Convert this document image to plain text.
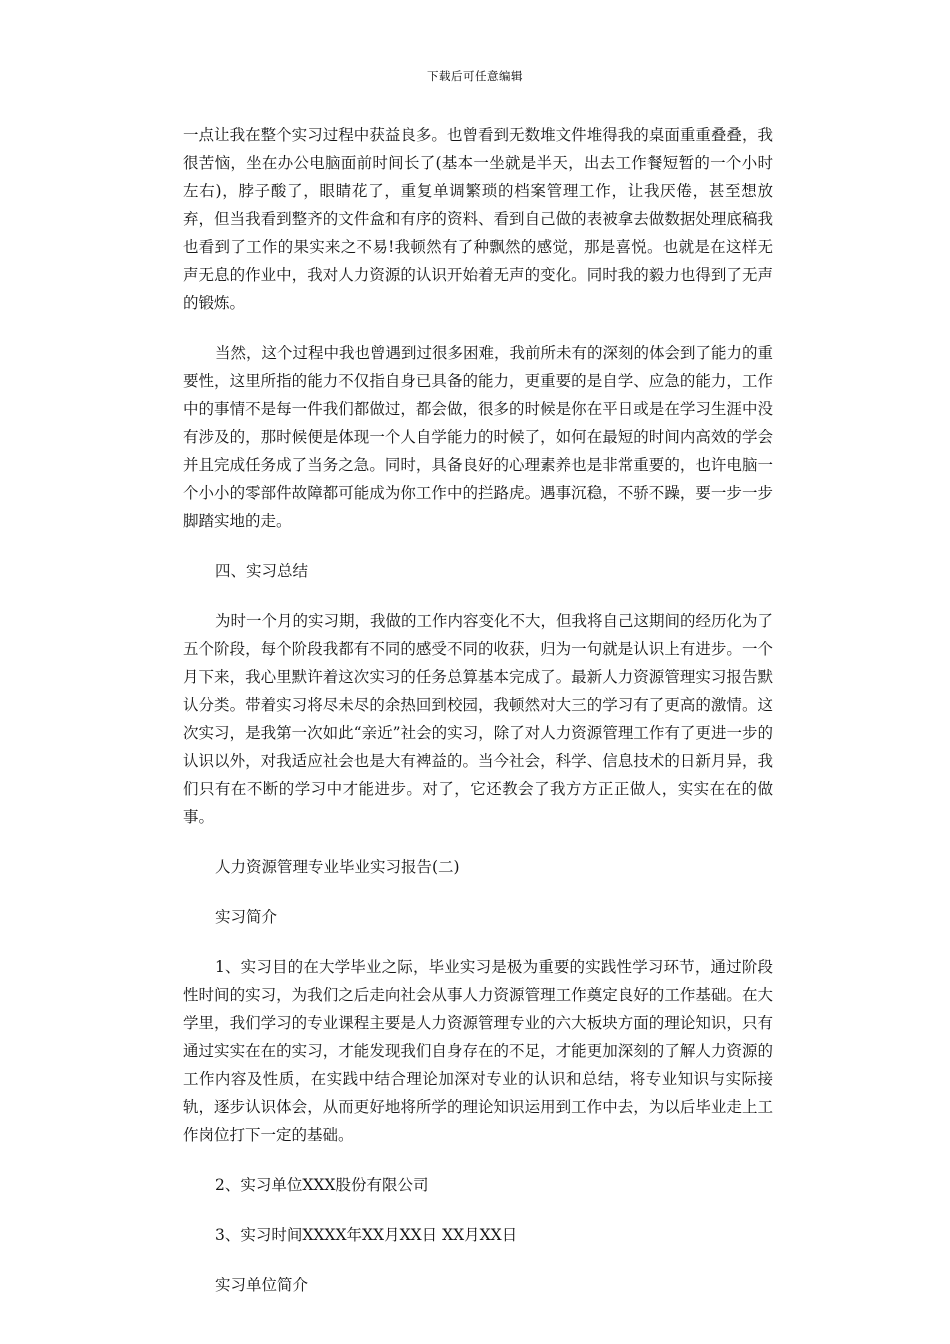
下载后可任意编辑

一点让我在整个实习过程中获益良多。也曾看到无数堆文件堆得我的桌面重重叠叠，我很苦恼，坐在办公电脑面前时间长了(基本一坐就是半天，出去工作餐短暂的一个小时左右)，脖子酸了，眼睛花了，重复单调繁琐的档案管理工作，让我厌倦，甚至想放弃，但当我看到整齐的文件盒和有序的资料、看到自己做的表被拿去做数据处理底稿我也看到了工作的果实来之不易!我顿然有了种飘然的感觉，那是喜悦。也就是在这样无声无息的作业中，我对人力资源的认识开始着无声的变化。同时我的毅力也得到了无声的锻炼。

当然，这个过程中我也曾遇到过很多困难，我前所未有的深刻的体会到了能力的重要性，这里所指的能力不仅指自身已具备的能力，更重要的是自学、应急的能力，工作中的事情不是每一件我们都做过，都会做，很多的时候是你在平日或是在学习生涯中没有涉及的，那时候便是体现一个人自学能力的时候了，如何在最短的时间内高效的学会并且完成任务成了当务之急。同时，具备良好的心理素养也是非常重要的，也许电脑一个小小的零部件故障都可能成为你工作中的拦路虎。遇事沉稳，不骄不躁，要一步一步脚踏实地的走。

四、实习总结

为时一个月的实习期，我做的工作内容变化不大，但我将自己这期间的经历化为了五个阶段，每个阶段我都有不同的感受不同的收获，归为一句就是认识上有进步。一个月下来，我心里默许着这次实习的任务总算基本完成了。最新人力资源管理实习报告默认分类。带着实习将尽未尽的余热回到校园，我顿然对大三的学习有了更高的激情。这次实习，是我第一次如此“亲近”社会的实习，除了对人力资源管理工作有了更进一步的认识以外，对我适应社会也是大有裨益的。当今社会，科学、信息技术的日新月异，我们只有在不断的学习中才能进步。对了，它还教会了我方方正正做人，实实在在的做事。

人力资源管理专业毕业实习报告(二)

实习简介

1、实习目的在大学毕业之际，毕业实习是极为重要的实践性学习环节，通过阶段性时间的实习，为我们之后走向社会从事人力资源管理工作奠定良好的工作基础。在大学里，我们学习的专业课程主要是人力资源管理专业的六大板块方面的理论知识，只有通过实实在在的实习，才能发现我们自身存在的不足，才能更加深刻的了解人力资源的工作内容及性质，在实践中结合理论加深对专业的认识和总结，将专业知识与实际接轨，逐步认识体会，从而更好地将所学的理论知识运用到工作中去，为以后毕业走上工作岗位打下一定的基础。

2、实习单位XXX股份有限公司

3、实习时间XXXX年XX月XX日 XX月XX日

实习单位简介
